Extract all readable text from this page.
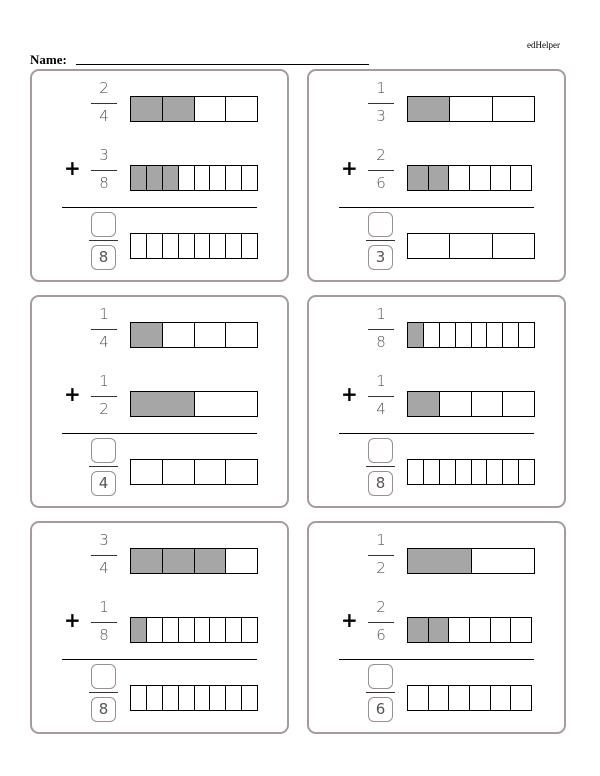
edHelper
Name:
2
4
+
3
8
8
1
3
+
2
6
3
1
4
+
1
2
4
1
8
+
1
4
8
3
4
+
1
8
8
1
2
+
2
6
6
